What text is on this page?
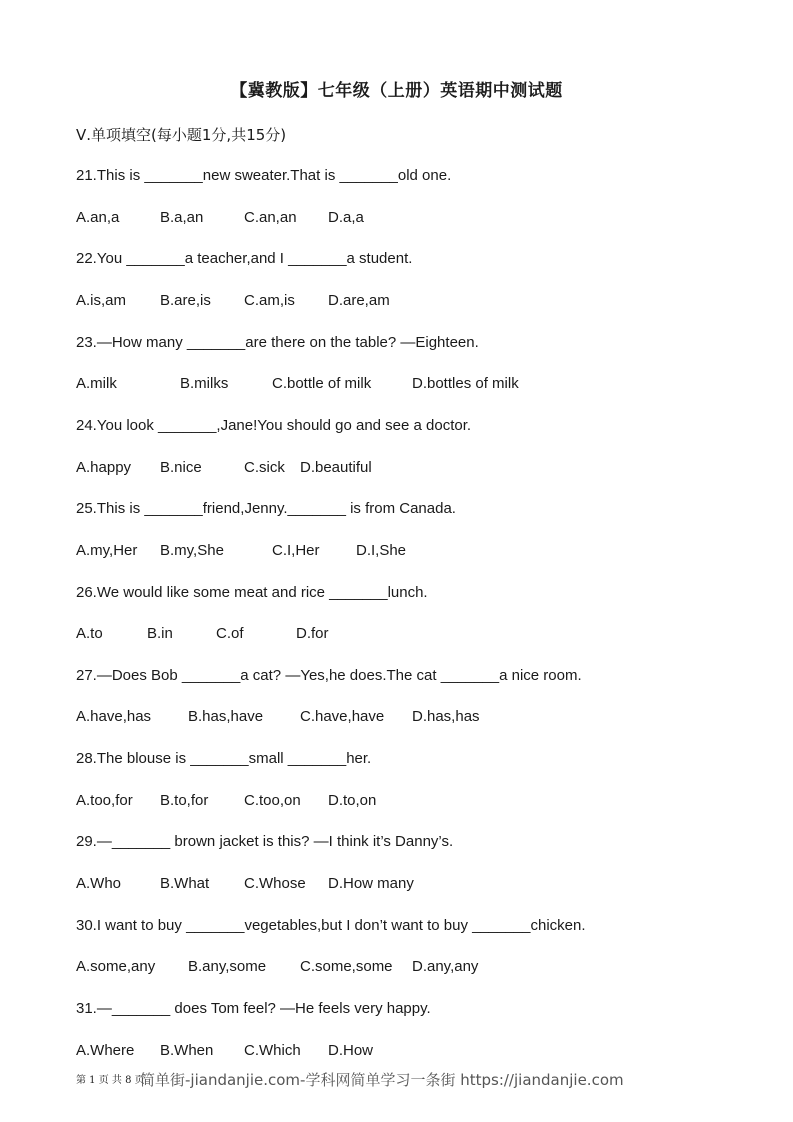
【冀教版】七年级（上册）英语期中测试题
Ⅴ.单项填空(每小题1分,共15分)
21.This is _______new sweater.That is _______old one.
A.an,a	B.a,an	C.an,an D.a,a
22.You _______a teacher,and I _______a student.
A.is,am B.are,is C.am,is D.are,am
23.—How many _______are there on the table? —Eighteen.
A.milk	B.milks	C.bottle of milk	D.bottles of milk
24.You look _______,Jane!You should go and see a doctor.
A.happy B.nice	C.sick D.beautiful
25.This is _______friend,Jenny._______ is from Canada.
A.my,Her B.my,She	C.I,Her D.I,She
26.We would like some meat and rice _______lunch.
A.to	B.in	C.of	D.for
27.—Does Bob _______a cat? —Yes,he does.The cat _______a nice room.
A.have,has B.has,have C.have,have D.has,has
28.The blouse is _______small _______her.
A.too,for B.to,for C.too,on D.to,on
29.—_______ brown jacket is this? —I think it’s Danny’s.
A.Who	B.What C.Whose D.How many
30.I want to buy _______vegetables,but I don’t want to buy _______chicken.
A.some,any B.any,some C.some,some D.any,any
31.—_______ does Tom feel? —He feels very happy.
A.Where B.When C.Which D.How
第 1 页 共 8 页
简单街-jiandanjie.com-学科网简单学习一条街 https://jiandanjie.com
